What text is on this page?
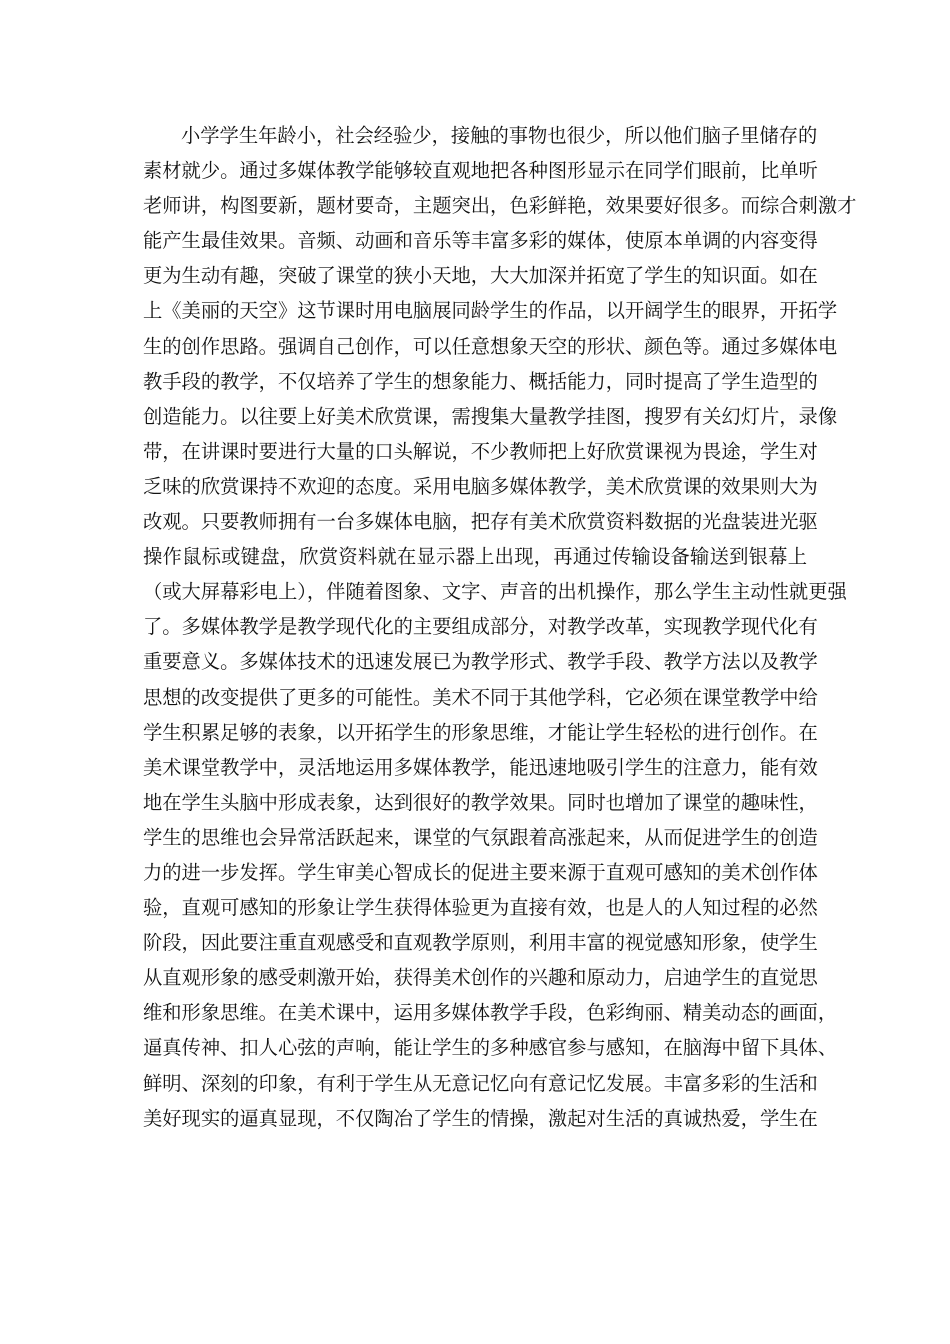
小学学生年龄小，社会经验少，接触的事物也很少，所以他们脑子里储存的
素材就少。通过多媒体教学能够较直观地把各种图形显示在同学们眼前，比单听
老师讲，构图要新，题材要奇，主题突出，色彩鲜艳，效果要好很多。而综合刺激才
能产生最佳效果。音频、动画和音乐等丰富多彩的媒体，使原本单调的内容变得
更为生动有趣，突破了课堂的狭小天地，大大加深并拓宽了学生的知识面。如在
上《美丽的天空》这节课时用电脑展同龄学生的作品，以开阔学生的眼界，开拓学
生的创作思路。强调自己创作，可以任意想象天空的形状、颜色等。通过多媒体电
教手段的教学，不仅培养了学生的想象能力、概括能力，同时提高了学生造型的
创造能力。以往要上好美术欣赏课，需搜集大量教学挂图，搜罗有关幻灯片，录像
带，在讲课时要进行大量的口头解说，不少教师把上好欣赏课视为畏途，学生对
乏味的欣赏课持不欢迎的态度。采用电脑多媒体教学，美术欣赏课的效果则大为
改观。只要教师拥有一台多媒体电脑，把存有美术欣赏资料数据的光盘装进光驱
操作鼠标或键盘，欣赏资料就在显示器上出现，再通过传输设备输送到银幕上
（或大屏幕彩电上），伴随着图象、文字、声音的出机操作，那么学生主动性就更强
了。多媒体教学是教学现代化的主要组成部分，对教学改革，实现教学现代化有
重要意义。多媒体技术的迅速发展已为教学形式、教学手段、教学方法以及教学
思想的改变提供了更多的可能性。美术不同于其他学科，它必须在课堂教学中给
学生积累足够的表象，以开拓学生的形象思维，才能让学生轻松的进行创作。在
美术课堂教学中，灵活地运用多媒体教学，能迅速地吸引学生的注意力，能有效
地在学生头脑中形成表象，达到很好的教学效果。同时也增加了课堂的趣味性，
学生的思维也会异常活跃起来，课堂的气氛跟着高涨起来，从而促进学生的创造
力的进一步发挥。学生审美心智成长的促进主要来源于直观可感知的美术创作体
验，直观可感知的形象让学生获得体验更为直接有效，也是人的人知过程的必然
阶段，因此要注重直观感受和直观教学原则，利用丰富的视觉感知形象，使学生
从直观形象的感受刺激开始，获得美术创作的兴趣和原动力，启迪学生的直觉思
维和形象思维。在美术课中，运用多媒体教学手段，色彩绚丽、精美动态的画面，
逼真传神、扣人心弦的声响，能让学生的多种感官参与感知，在脑海中留下具体、
鲜明、深刻的印象，有利于学生从无意记忆向有意记忆发展。丰富多彩的生活和
美好现实的逼真显现，不仅陶冶了学生的情操，激起对生活的真诚热爱，学生在
